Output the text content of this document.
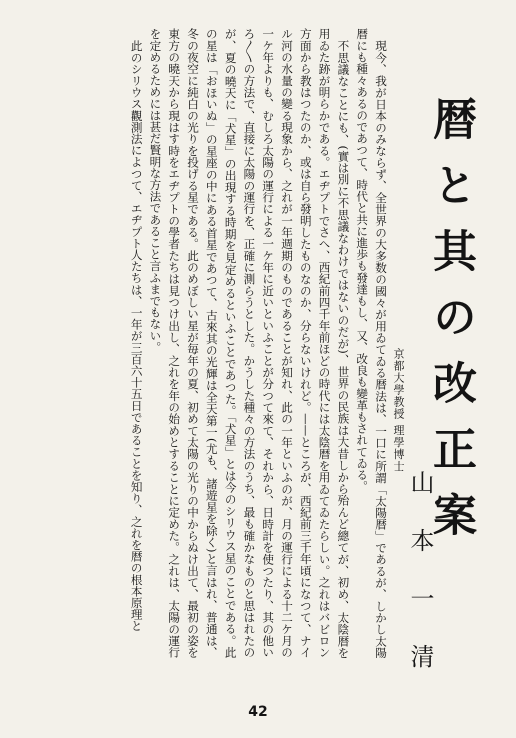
暦と其の改正案
京都大學教授 理學博士
山本一清

現今、我が日本のみならず、全世界の大多数の國々が用ゐてゐる暦法は、一口に所謂「太陽暦」であるが、しかし太陽暦にも種々あるのであつて、時代と共に進歩も發達もし、又、改良も變革もされてゐる。

不思議なことにも、(實は別に不思議なわけではないのだが)、世界の民族は大昔しから殆んど總てが、初め、太陰暦を用ゐた跡が明らかである。エヂプトでさへ、西紀前四千年前ほどの時代には太陰暦を用ゐてゐたらしい。之れはバビロン方面から教はつたのか、或は自ら發明したものなのか、分らないけれど。——ところが、西紀前三千年頃になつて、ナイル河の水量の變る現象から、之れが一年週期のものであることが知れ、此の一年といふのが、月の運行による十二ケ月の一ケ年よりも、むしろ太陽の運行による一ケ年に近いといふことが分つて來て、それから、日時計を使つたり、其の他いろ〳〵の方法で、直接に太陽の運行を、正確に測らうとした。かうした種々の方法のうち、最も確かなものと思はれたのが、夏の曉天に「犬星」の出現する時期を見定めるといふことであつた。「犬星」とは今のシリウス星のことである。此の星は「おほいぬ」の星座の中にある首星であつて、古來其の光輝は全天第一(尤も、諸遊星を除く)と言はれ、普通は、冬の夜空に純白の光りを投げる星である。此のめぼしい星が毎年の夏、初めて太陽の光りの中からぬけ出て、最初の姿を東方の曉天から現はす時をエヂプトの學者たちは見つけ出し、之れを年の始めとすることに定めた。之れは、太陽の運行を定めるためには甚だ賢明な方法であること言ふまでもない。

此のシリウス觀測法によつて、エヂプト人たちは、一年が三百六十五日であることを知り、之れを暦の根本原理と

42
